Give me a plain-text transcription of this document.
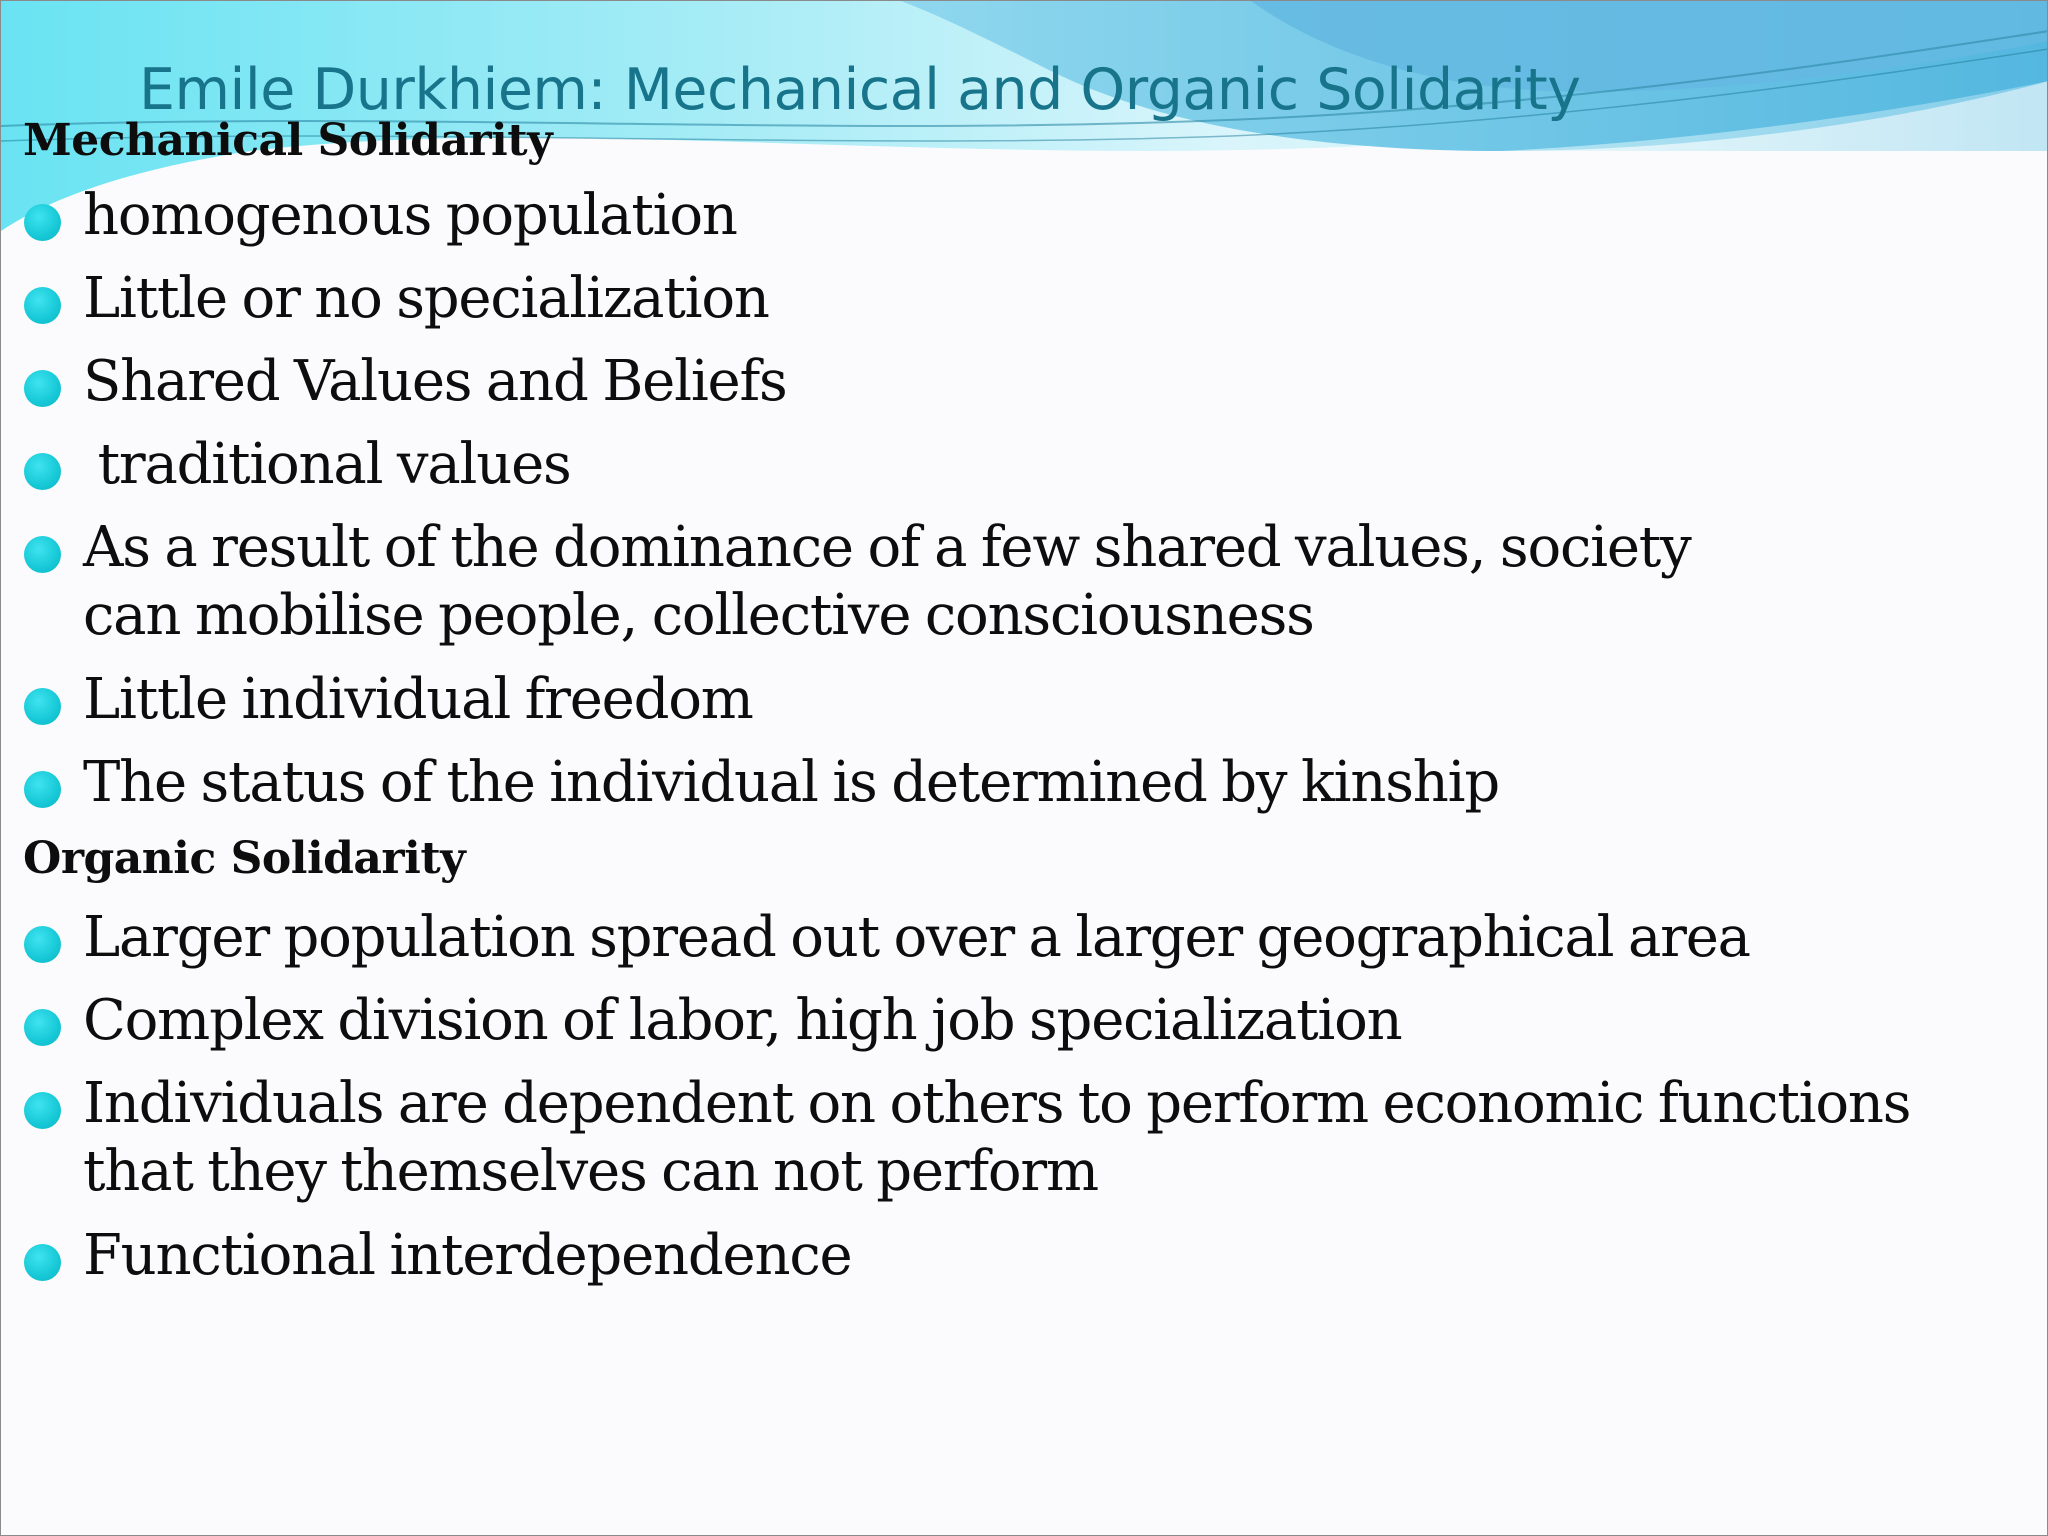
Emile Durkhiem: Mechanical and Organic Solidarity
Mechanical Solidarity

homogenous population

Little or no specialization

Shared Values and Beliefs

traditional values

As a result of the dominance of a few shared values, society    can mobilise people, collective consciousness

Little individual freedom

The status of the individual is determined by kinship

Organic Solidarity

Larger population spread out over a larger geographical area

Complex division of labor, high job specialization

Individuals are dependent on others to perform economic functions that they themselves can not perform

Functional interdependence
